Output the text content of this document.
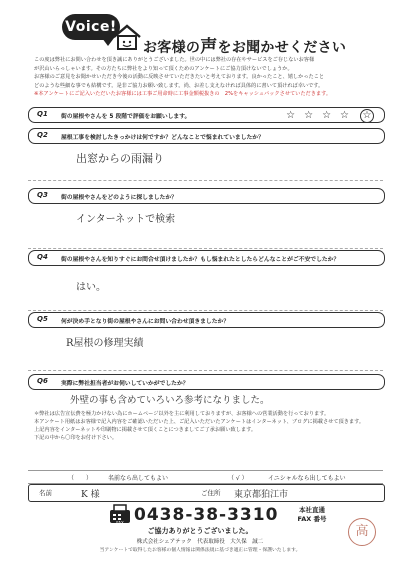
Voice!
お客様の声をお聞かせください
この度は弊社にお問い合わせを頂き誠にありがとうございました。世の中には弊社の存在やサービスをご存じないお客様
が沢山いらっしゃいます。その方たちに弊社をより知って頂くためのアンケートにご協力頂けないでしょうか。
お客様のご意見をお聞かせいただき今後の活動に反映させていただきたいと考えております。良かったこと、嬉しかったこと
どのような些細な事でも結構です。是非ご協力お願い致します。尚、お差し支えなければ具体的に書いて頂ければ幸いです。
※本アンケートにご記入いただいたお客様には工事ご用命時に工事金額税抜きの　2%をキャッシュバックさせていただきます。
Q1 街の屋根やさんを 5 段階で評価をお願いします。	☆☆☆☆ ☆
Q2 屋根工事を検討したきっかけは何ですか？どんなことで悩まれていましたか？
出窓からの雨漏り
Q3 街の屋根やさんをどのように探しましたか？
インターネットで検索
Q4 街の屋根やさんを知りすぐにお問合せ頂けましたか？もし悩まれたとしたらどんなことがご不安でしたか？
はい。
Q5 何が決め手となり街の屋根やさんにお問い合わせ頂きましたか？
R屋根の修理実績
Q6 実際に弊社担当者がお伺いしていかがでしたか？
外壁の事も含めていろいろ参考になりました。
＊弊社は広告宣伝費を極力かけない為にホームページ以外を主に利用しておりますが、お客様への営業活動を行っております。
本アンケート用紙はお客様で記入内容をご確認いただいた上、ご記入いただいたアンケートはインターネット、ブログに掲載させて頂きます。
上記内容をインターネットや印刷物に掲載させて頂くことにつきましてご了承お願い致します。
下記の中から〇印をお付け下さい。
（　　）	名前なら出してもよい	（ √ ）	イニシャルなら出してもよい
名前	K 様	ご住所 東京都狛江市
FAX 0438-38-3310	本社直通 FAX 番号
高
ご協力ありがとうございました。
株式会社シェアテック　代表取締役　大久保　誠二
当アンケートで取得したお客様の個人情報は関係法規に基づき適正に管理・保護いたします。
